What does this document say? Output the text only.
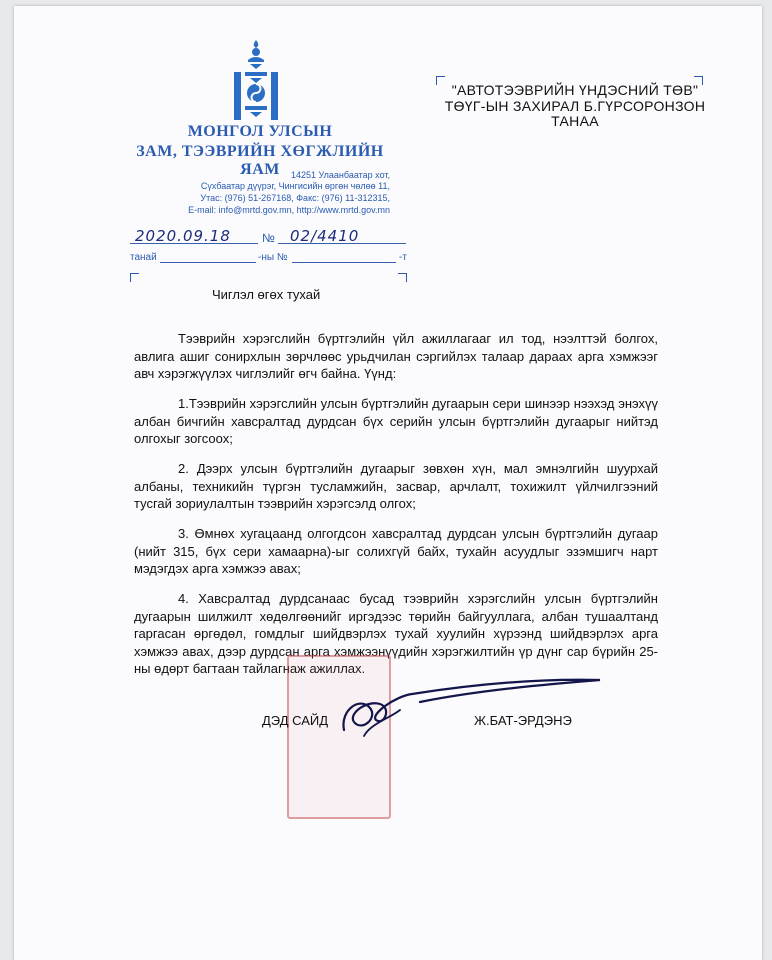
МОНГОЛ УЛСЫН
ЗАМ, ТЭЭВРИЙН ХӨГЖЛИЙН ЯАМ	14251 Улаанбаатар хот,
Сүхбаатар дүүрэг, Чингисийн өргөн чөлөө 11,
Утас: (976) 51-267168, Факс: (976) 11-312315,
E-mail: info@mrtd.gov.mn, http://www.mrtd.gov.mn
2020.09.18	№ 02/4410
танай	-ны №	-т
"АВТОТЭЭВРИЙН ҮНДЭСНИЙ ТӨВ"
ТӨҮГ-ЫН ЗАХИРАЛ Б.ГҮРСОРОНЗОН
ТАНАА
Чиглэл өгөх тухай

Тээврийн хэрэгслийн бүртгэлийн үйл ажиллагааг ил тод, нээлттэй болгох, авлига ашиг сонирхлын зөрчлөөс урьдчилан сэргийлэх талаар дараах арга хэмжээг авч хэрэгжүүлэх чиглэлийг өгч байна. Үүнд:

1.Тээврийн хэрэгслийн улсын бүртгэлийн дугаарын сери шинээр нээхэд энэхүү албан бичгийн хавсралтад дурдсан бүх серийн улсын бүртгэлийн дугаарыг нийтэд олгохыг зогсоох;

2. Дээрх улсын бүртгэлийн дугаарыг зөвхөн хүн, мал эмнэлгийн шуурхай албаны, техникийн түргэн тусламжийн, засвар, арчлалт, тохижилт үйлчилгээний тусгай зориулалтын тээврийн хэрэгсэлд олгох;

3. Өмнөх хугацаанд олгогдсон хавсралтад дурдсан улсын бүртгэлийн дугаар (нийт 315, бүх сери хамаарна)-ыг солихгүй байх, тухайн асуудлыг эзэмшигч нарт мэдэгдэх арга хэмжээ авах;

4. Хавсралтад дурдсанаас бусад тээврийн хэрэгслийн улсын бүртгэлийн дугаарын шилжилт хөдөлгөөнийг иргэдээс төрийн байгууллага, албан тушаалтанд гаргасан өргөдөл, гомдлыг шийдвэрлэх тухай хуулийн хүрээнд шийдвэрлэх арга хэмжээ авах, дээр дурдсан арга хэмжээнүүдийн хэрэгжилтийн үр дүнг сар бүрийн 25-ны өдөрт багтаан тайлагнаж ажиллах.

ДЭД САЙД	Ж.БАТ-ЭРДЭНЭ
